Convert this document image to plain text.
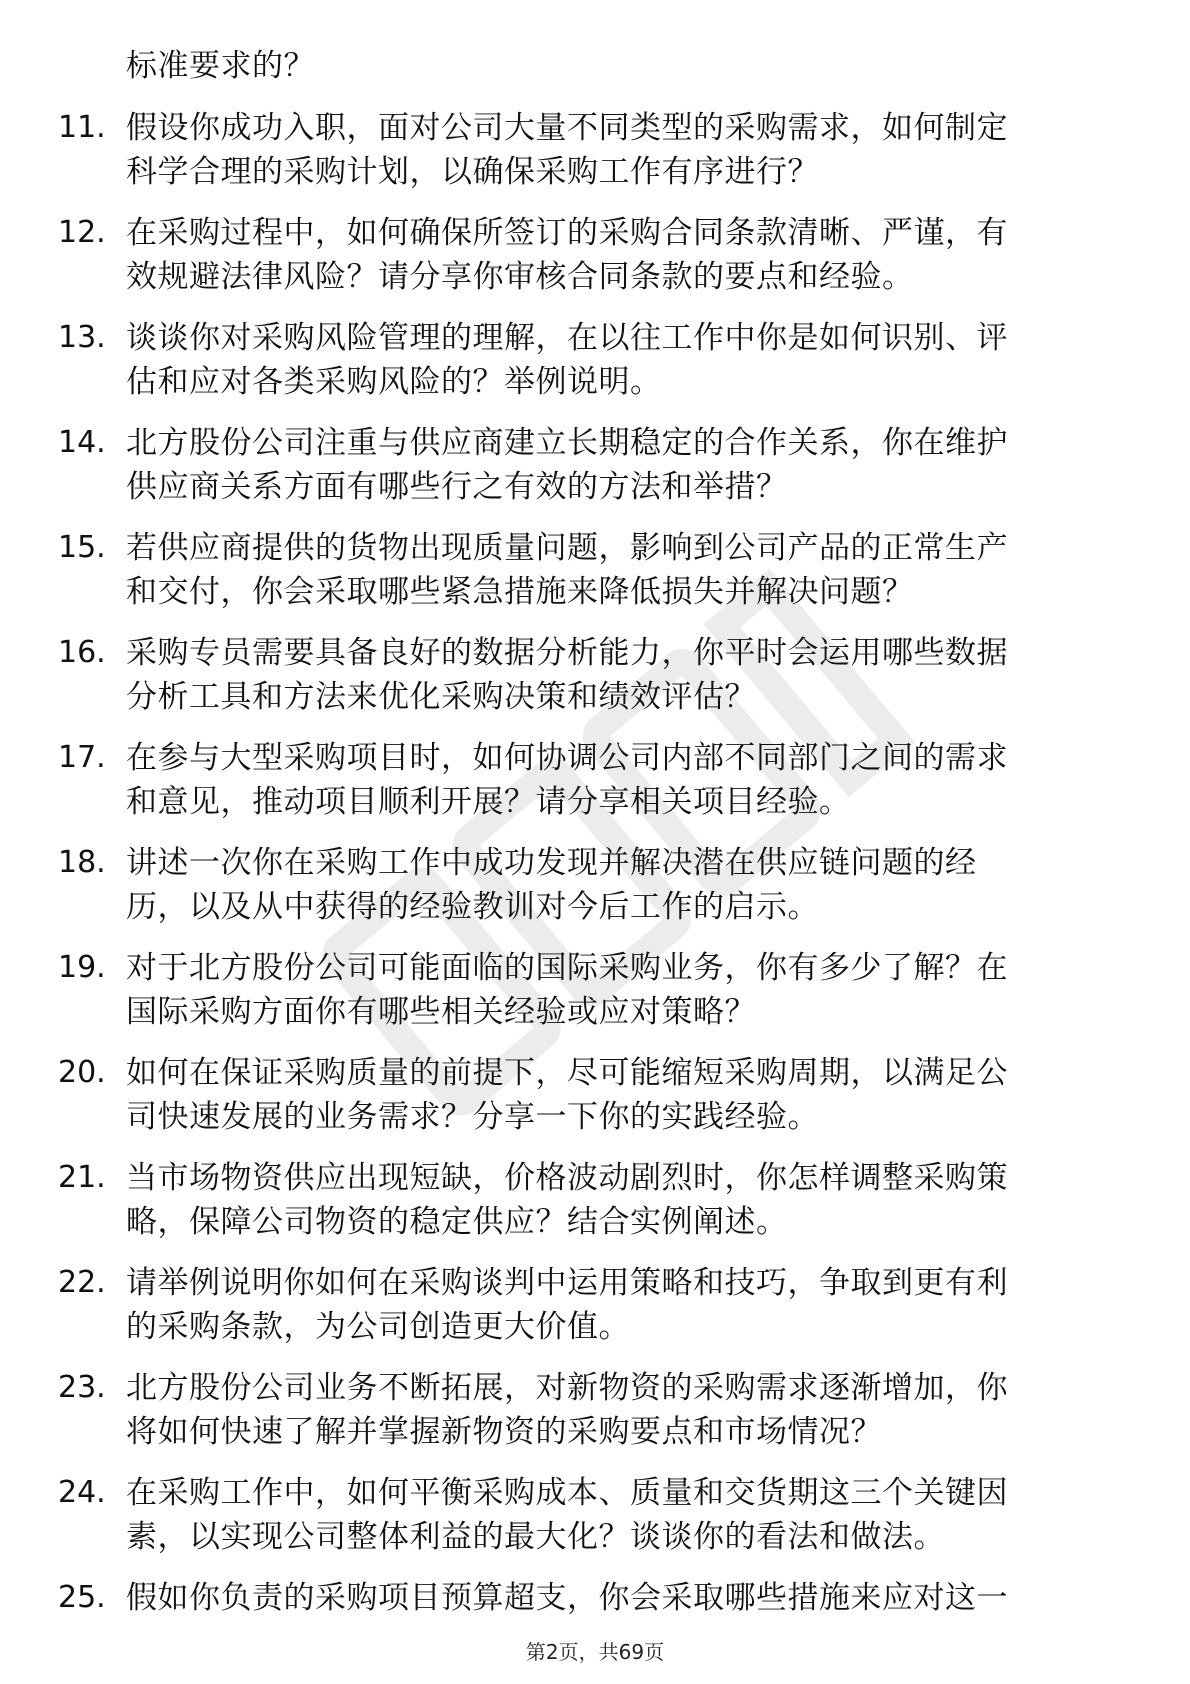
标准要求的？
11. 假设你成功入职，面对公司大量不同类型的采购需求，如何制定
科学合理的采购计划，以确保采购工作有序进行？
12. 在采购过程中，如何确保所签订的采购合同条款清晰、严谨，有
效规避法律风险？请分享你审核合同条款的要点和经验。
13. 谈谈你对采购风险管理的理解，在以往工作中你是如何识别、评
估和应对各类采购风险的？举例说明。
14. 北方股份公司注重与供应商建立长期稳定的合作关系，你在维护
供应商关系方面有哪些行之有效的方法和举措？
15. 若供应商提供的货物出现质量问题，影响到公司产品的正常生产
和交付，你会采取哪些紧急措施来降低损失并解决问题？
16. 采购专员需要具备良好的数据分析能力，你平时会运用哪些数据
分析工具和方法来优化采购决策和绩效评估？
17. 在参与大型采购项目时，如何协调公司内部不同部门之间的需求
和意见，推动项目顺利开展？请分享相关项目经验。
18. 讲述一次你在采购工作中成功发现并解决潜在供应链问题的经
历，以及从中获得的经验教训对今后工作的启示。
19. 对于北方股份公司可能面临的国际采购业务，你有多少了解？在
国际采购方面你有哪些相关经验或应对策略？
20. 如何在保证采购质量的前提下，尽可能缩短采购周期，以满足公
司快速发展的业务需求？分享一下你的实践经验。
21. 当市场物资供应出现短缺，价格波动剧烈时，你怎样调整采购策
略，保障公司物资的稳定供应？结合实例阐述。
22. 请举例说明你如何在采购谈判中运用策略和技巧，争取到更有利
的采购条款，为公司创造更大价值。
23. 北方股份公司业务不断拓展，对新物资的采购需求逐渐增加，你
将如何快速了解并掌握新物资的采购要点和市场情况？
24. 在采购工作中，如何平衡采购成本、质量和交货期这三个关键因
素，以实现公司整体利益的最大化？谈谈你的看法和做法。
25. 假如你负责的采购项目预算超支，你会采取哪些措施来应对这一
第2页，共69页
